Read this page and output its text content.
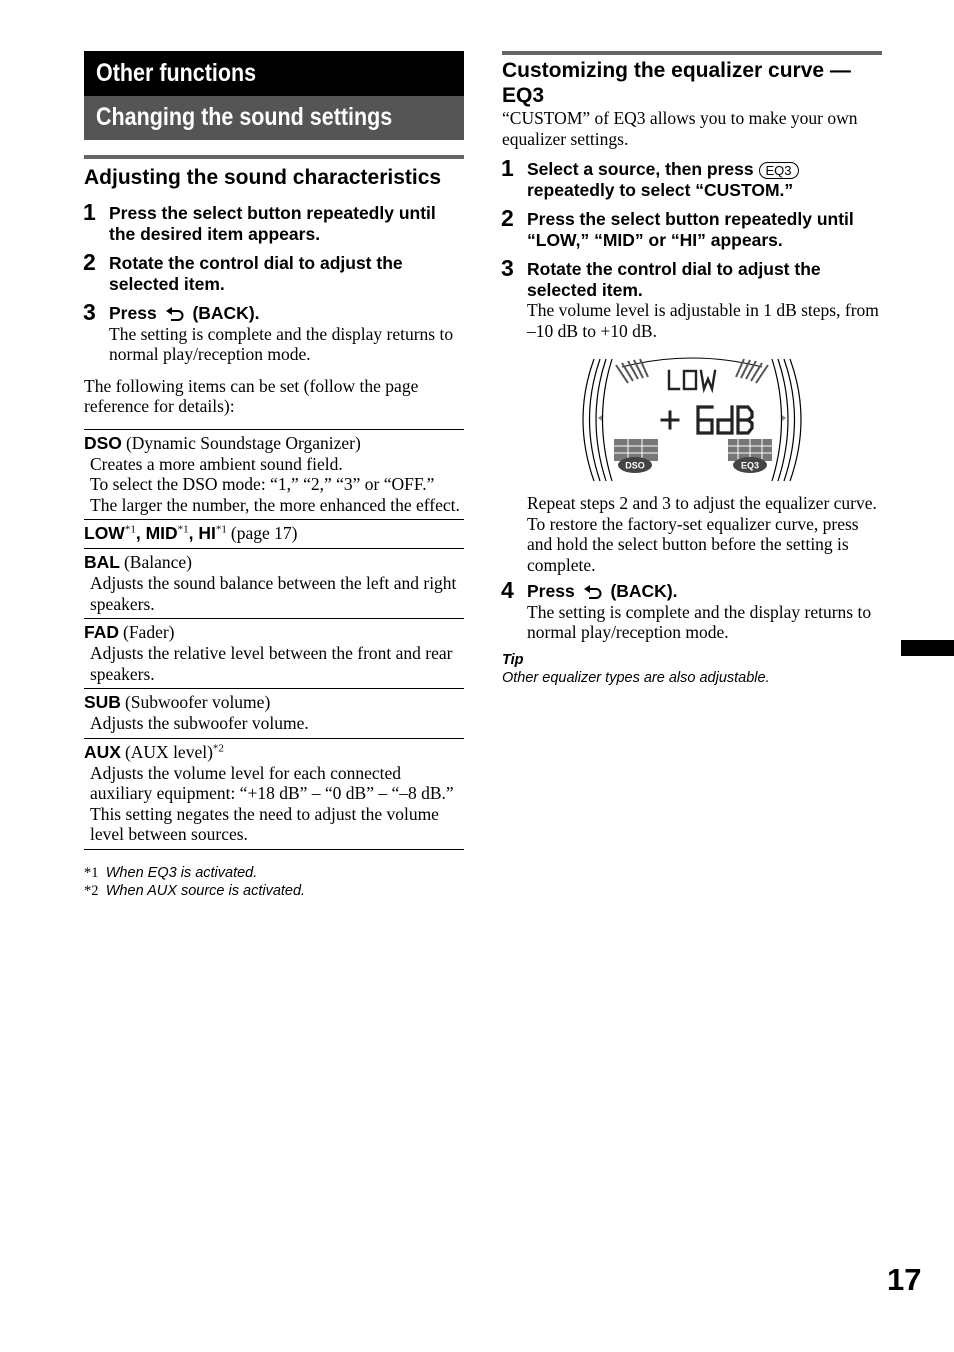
Other functions
Changing the sound settings
Adjusting the sound characteristics
1 Press the select button repeatedly until the desired item appears.
2 Rotate the control dial to adjust the selected item.
3 Press (BACK).
The setting is complete and the display returns to normal play/reception mode.
The following items can be set (follow the page reference for details):
DSO (Dynamic Soundstage Organizer)
Creates a more ambient sound field.
To select the DSO mode: “1,” “2,” “3” or “OFF.” The larger the number, the more enhanced the effect.

LOW$^{*1}$, MID$^{*1}$, HI$^{*1}$ (page 17)

BAL (Balance)
Adjusts the sound balance between the left and right speakers.

FAD (Fader)
Adjusts the relative level between the front and rear speakers.

SUB (Subwoofer volume)
Adjusts the subwoofer volume.

AUX (AUX level)$^{*2}$
Adjusts the volume level for each connected auxiliary equipment: “+18 dB” – “0 dB” – “–8 dB.”
This setting negates the need to adjust the volume level between sources.
*1 When EQ3 is activated.
*2 When AUX source is activated.
Customizing the equalizer curve — EQ3
“CUSTOM” of EQ3 allows you to make your own equalizer settings.
1 Select a source, then press EQ3 repeatedly to select “CUSTOM.”
2 Press the select button repeatedly until “LOW,” “MID” or “HI” appears.
3 Rotate the control dial to adjust the selected item.
The volume level is adjustable in 1 dB steps, from –10 dB to +10 dB.
DSO	EQ3
Repeat steps 2 and 3 to adjust the equalizer curve.
To restore the factory-set equalizer curve, press and hold the select button before the setting is complete.
4 Press (BACK).
The setting is complete and the display returns to normal play/reception mode.
Tip
Other equalizer types are also adjustable.
17
